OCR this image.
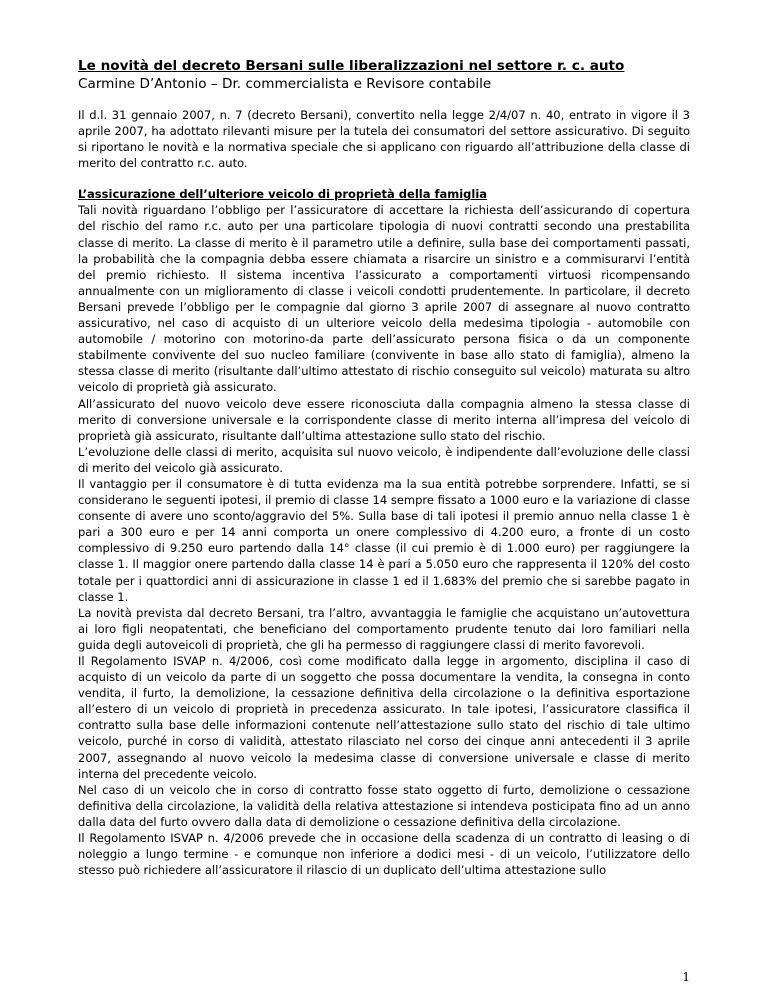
Le novità del decreto Bersani sulle liberalizzazioni nel settore r. c. auto

Carmine D’Antonio – Dr. commercialista e Revisore contabile

Il d.l. 31 gennaio 2007, n. 7 (decreto Bersani), convertito nella legge 2/4/07 n. 40, entrato in vigore il 3 aprile 2007, ha adottato rilevanti misure per la tutela dei consumatori del settore assicurativo. Di seguito si riportano le novità e la normativa speciale che si applicano con riguardo all’attribuzione della classe di merito del contratto r.c. auto.

L’assicurazione dell’ulteriore veicolo di proprietà della famiglia

Tali novità riguardano l’obbligo per l’assicuratore di accettare la richiesta dell’assicurando di copertura del rischio del ramo r.c. auto per una particolare tipologia di nuovi contratti secondo una prestabilita classe di merito. La classe di merito è il parametro utile a definire, sulla base dei comportamenti passati, la probabilità che la compagnia debba essere chiamata a risarcire un sinistro e a commisurarvi l’entità del premio richiesto. Il sistema incentiva l’assicurato a comportamenti virtuosi ricompensando annualmente con un miglioramento di classe i veicoli condotti prudentemente. In particolare, il decreto Bersani prevede l’obbligo per le compagnie dal giorno 3 aprile 2007 di assegnare al nuovo contratto assicurativo, nel caso di acquisto di un ulteriore veicolo della medesima tipologia - automobile con automobile / motorino con motorino-da parte dell’assicurato persona fisica o da un componente stabilmente convivente del suo nucleo familiare (convivente in base allo stato di famiglia), almeno la stessa classe di merito (risultante dall’ultimo attestato di rischio conseguito sul veicolo) maturata su altro veicolo di proprietà già assicurato.

All’assicurato del nuovo veicolo deve essere riconosciuta dalla compagnia almeno la stessa classe di merito di conversione universale e la corrispondente classe di merito interna all’impresa del veicolo di proprietà già assicurato, risultante dall’ultima attestazione sullo stato del rischio.

L’evoluzione delle classi di merito, acquisita sul nuovo veicolo, è indipendente dall’evoluzione delle classi di merito del veicolo già assicurato.

Il vantaggio per il consumatore è di tutta evidenza ma la sua entità potrebbe sorprendere. Infatti, se si considerano le seguenti ipotesi, il premio di classe 14 sempre fissato a 1000 euro e la variazione di classe consente di avere uno sconto/aggravio del 5%. Sulla base di tali ipotesi il premio annuo nella classe 1 è pari a 300 euro e per 14 anni comporta un onere complessivo di 4.200 euro, a fronte di un costo complessivo di 9.250 euro partendo dalla 14° classe (il cui premio è di 1.000 euro) per raggiungere la classe 1. Il maggior onere partendo dalla classe 14 è pari a 5.050 euro che rappresenta il 120% del costo totale per i quattordici anni di assicurazione in classe 1 ed il 1.683% del premio che si sarebbe pagato in classe 1.

La novità prevista dal decreto Bersani, tra l’altro, avvantaggia le famiglie che acquistano un’autovettura ai loro figli neopatentati, che beneficiano del comportamento prudente tenuto dai loro familiari nella guida degli autoveicoli di proprietà, che gli ha permesso di raggiungere classi di merito favorevoli.

Il Regolamento ISVAP n. 4/2006, così come modificato dalla legge in argomento, disciplina il caso di acquisto di un veicolo da parte di un soggetto che possa documentare la vendita, la consegna in conto vendita, il furto, la demolizione, la cessazione definitiva della circolazione o la definitiva esportazione all’estero di un veicolo di proprietà in precedenza assicurato. In tale ipotesi, l’assicuratore classifica il contratto sulla base delle informazioni contenute nell’attestazione sullo stato del rischio di tale ultimo veicolo, purché in corso di validità, attestato rilasciato nel corso dei cinque anni antecedenti il 3 aprile 2007, assegnando al nuovo veicolo la medesima classe di conversione universale e classe di merito interna del precedente veicolo.

Nel caso di un veicolo che in corso di contratto fosse stato oggetto di furto, demolizione o cessazione definitiva della circolazione, la validità della relativa attestazione si intendeva posticipata fino ad un anno dalla data del furto ovvero dalla data di demolizione o cessazione definitiva della circolazione.

Il Regolamento ISVAP n. 4/2006 prevede che in occasione della scadenza di un contratto di leasing o di noleggio a lungo termine - e comunque non inferiore a dodici mesi - di un veicolo, l’utilizzatore dello stesso può richiedere all’assicuratore il rilascio di un duplicato dell’ultima attestazione sullo

1
